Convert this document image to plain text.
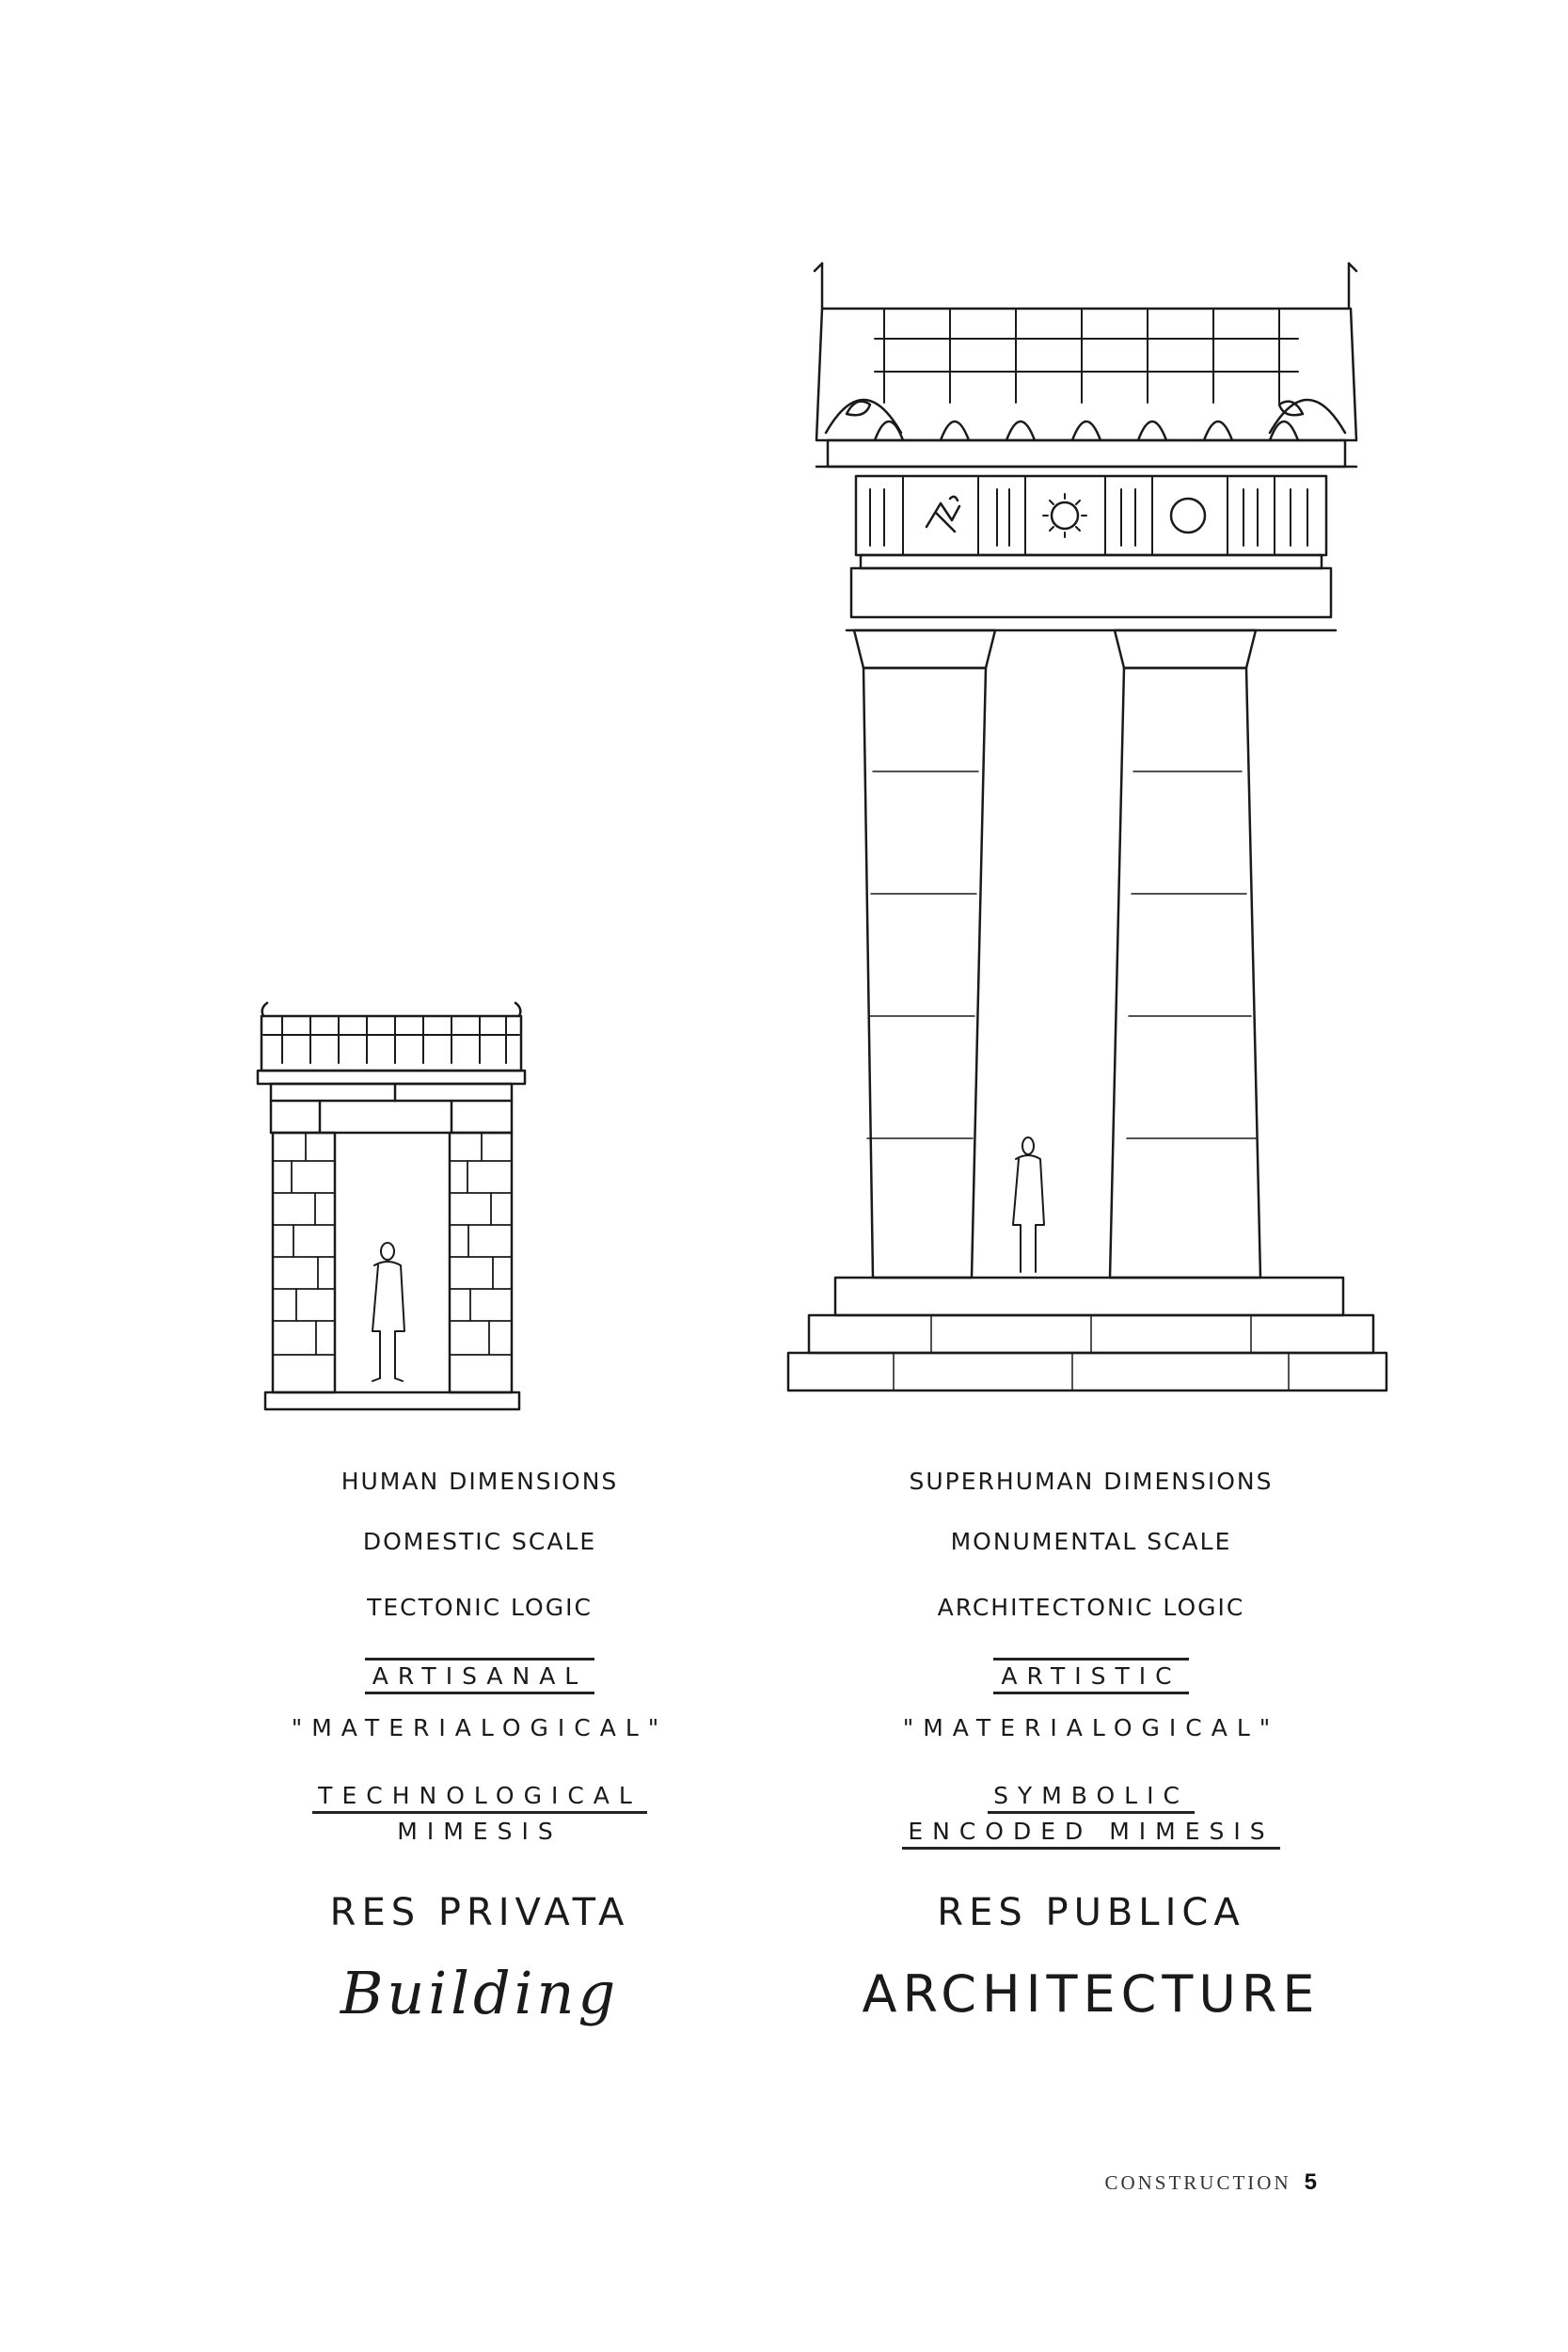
HUMAN DIMENSIONS
DOMESTIC SCALE
TECTONIC LOGIC
ARTISANAL
"MATERIALOGICAL"
TECHNOLOGICAL
MIMESIS
RES PRIVATA
Building
SUPERHUMAN DIMENSIONS
MONUMENTAL SCALE
ARCHITECTONIC LOGIC
ARTISTIC
"MATERIALOGICAL"
SYMBOLIC
ENCODED MIMESIS
RES PUBLICA
ARCHITECTURE
CONSTRUCTION 5
